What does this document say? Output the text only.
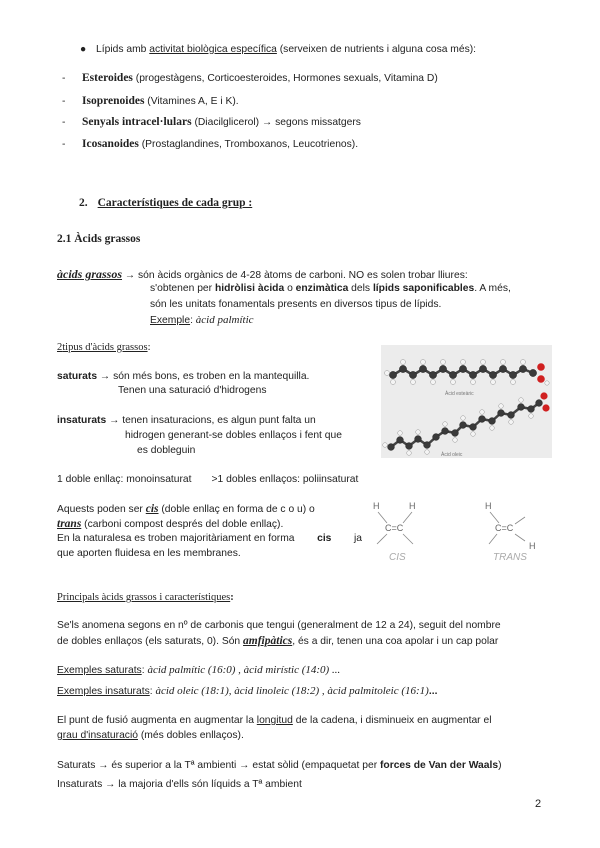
● Lípids amb activitat biològica específica (serveixen de nutrients i alguna cosa més):
- Esteroides (progestàgens, Corticoesteroides, Hormones sexuals, Vitamina D)
- Isoprenoides (Vitamines A, E i K).
- Senyals intracel·lulars (Diacilglicerol) → segons missatgers
- Icosanoides (Prostaglandines, Tromboxanos, Leucotrienos).
2. Característiques de cada grup :
2.1 Àcids grassos
àcids grassos → són àcids orgànics de 4-28 àtoms de carboni. NO es solen trobar lliures:
s'obtenen per hidròlisi àcida o enzimàtica dels lípids saponificables. A més,
són les unitats fonamentals presents en diversos tipus de lípids.
Exemple: àcid palmític
2tipus d'àcids grassos:
saturats → són més bons, es troben en la mantequilla.
Tenen una saturació d'hidrogens
insaturats → tenen insaturacions, es algun punt falta un
hidrogen generant-se dobles enllaços i fent que
es dobleguin
Àcid esteàric
Àcid oleic
1 doble enllaç: monoinsaturat >1 dobles enllaços: poliinsaturat
Aquests poden ser cis (doble enllaç en forma de c o u) o
trans (carboni compost després del doble enllaç).
En la naturalesa es troben majoritàriament en forma cis ja
que aporten fluidesa en les membranes.
H	H
C=C
CIS
H
C=C
H
TRANS
Principals àcids grassos i característiques:
Se'ls anomena segons en nº de carbonis que tengui (generalment de 12 a 24), seguit del nombre
de dobles enllaços (els saturats, 0). Són amfipàtics, és a dir, tenen una coa apolar i un cap polar
Exemples saturats: àcid palmític (16:0) , àcid mirístic (14:0) ...
Exemples insaturats: àcid oleic (18:1), àcid linoleic (18:2) , àcid palmitoleic (16:1)...
El punt de fusió augmenta en augmentar la longitud de la cadena, i disminueix en augmentar el
grau d'insaturació (més dobles enllaços).
Saturats → és superior a la Tª ambienti → estat sòlid (empaquetat per forces de Van der Waals)
Insaturats → la majoria d'ells són líquids a Tª ambient
2
